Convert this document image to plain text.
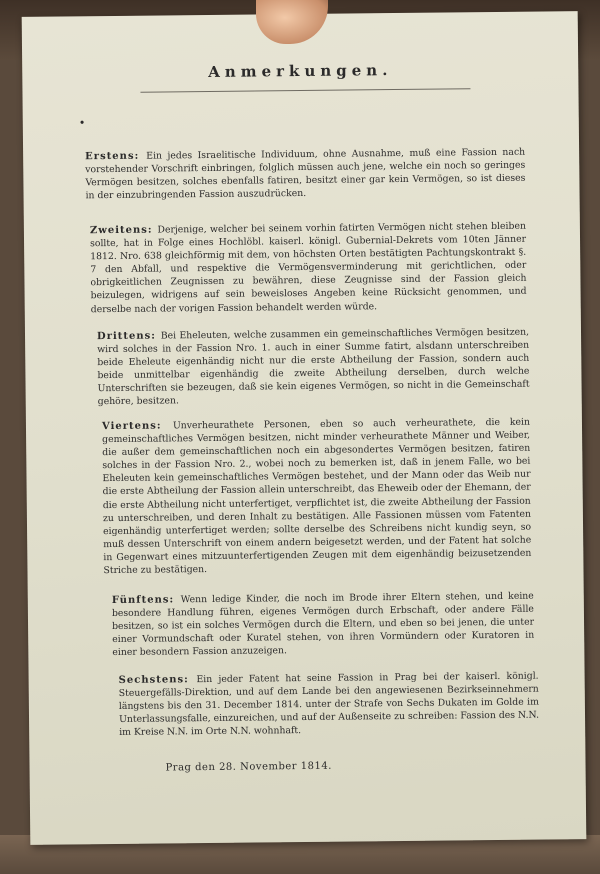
Anmerkungen.
•
Erstens: Ein jedes Israelitische Individuum, ohne Ausnahme, muß eine Fassion nach vorstehender Vorschrift einbringen, folglich müssen auch jene, welche ein noch so geringes Vermögen besitzen, solches ebenfalls fatiren, besitzt einer gar kein Vermögen, so ist dieses in der einzubringenden Fassion auszudrücken.
Zweitens: Derjenige, welcher bei seinem vorhin fatirten Vermögen nicht stehen bleiben sollte, hat in Folge eines Hochlöbl. kaiserl. königl. Gubernial-Dekrets vom 10ten Jänner 1812. Nro. 638 gleichförmig mit dem, von höchsten Orten bestätigten Pachtungskontrakt §. 7 den Abfall, und respektive die Vermögensverminderung mit gerichtlichen, oder obrigkeitlichen Zeugnissen zu bewähren, diese Zeugnisse sind der Fassion gleich beizulegen, widrigens auf sein beweisloses Angeben keine Rücksicht genommen, und derselbe nach der vorigen Fassion behandelt werden würde.
Drittens: Bei Eheleuten, welche zusammen ein gemeinschaftliches Vermögen besitzen, wird solches in der Fassion Nro. 1. auch in einer Summe fatirt, alsdann unterschreiben beide Eheleute eigenhändig nicht nur die erste Abtheilung der Fassion, sondern auch beide unmittelbar eigenhändig die zweite Abtheilung derselben, durch welche Unterschriften sie bezeugen, daß sie kein eigenes Vermögen, so nicht in die Gemeinschaft gehöre, besitzen.
Viertens: Unverheurathete Personen, eben so auch verheurathete, die kein gemeinschaftliches Vermögen besitzen, nicht minder verheurathete Männer und Weiber, die außer dem gemeinschaftlichen noch ein abgesondertes Vermögen besitzen, fatiren solches in der Fassion Nro. 2., wobei noch zu bemerken ist, daß in jenem Falle, wo bei Eheleuten kein gemeinschaftliches Vermögen bestehet, und der Mann oder das Weib nur die erste Abtheilung der Fassion allein unterschreibt, das Eheweib oder der Ehemann, der die erste Abtheilung nicht unterfertiget, verpflichtet ist, die zweite Abtheilung der Fassion zu unterschreiben, und deren Inhalt zu bestätigen. Alle Fassionen müssen vom Fatenten eigenhändig unterfertiget werden; sollte derselbe des Schreibens nicht kundig seyn, so muß dessen Unterschrift von einem andern beigesetzt werden, und der Fatent hat solche in Gegenwart eines mitzuunterfertigenden Zeugen mit dem eigenhändig beizusetzenden Striche zu bestätigen.
Fünftens: Wenn ledige Kinder, die noch im Brode ihrer Eltern stehen, und keine besondere Handlung führen, eigenes Vermögen durch Erbschaft, oder andere Fälle besitzen, so ist ein solches Vermögen durch die Eltern, und eben so bei jenen, die unter einer Vormundschaft oder Kuratel stehen, von ihren Vormündern oder Kuratoren in einer besondern Fassion anzuzeigen.
Sechstens: Ein jeder Fatent hat seine Fassion in Prag bei der kaiserl. königl. Steuergefälls-Direktion, und auf dem Lande bei den angewiesenen Bezirkseinnehmern längstens bis den 31. December 1814. unter der Strafe von Sechs Dukaten im Golde im Unterlassungsfalle, einzureichen, und auf der Außenseite zu schreiben: Fassion des N.N. im Kreise N.N. im Orte N.N. wohnhaft.
Prag den 28. November 1814.
